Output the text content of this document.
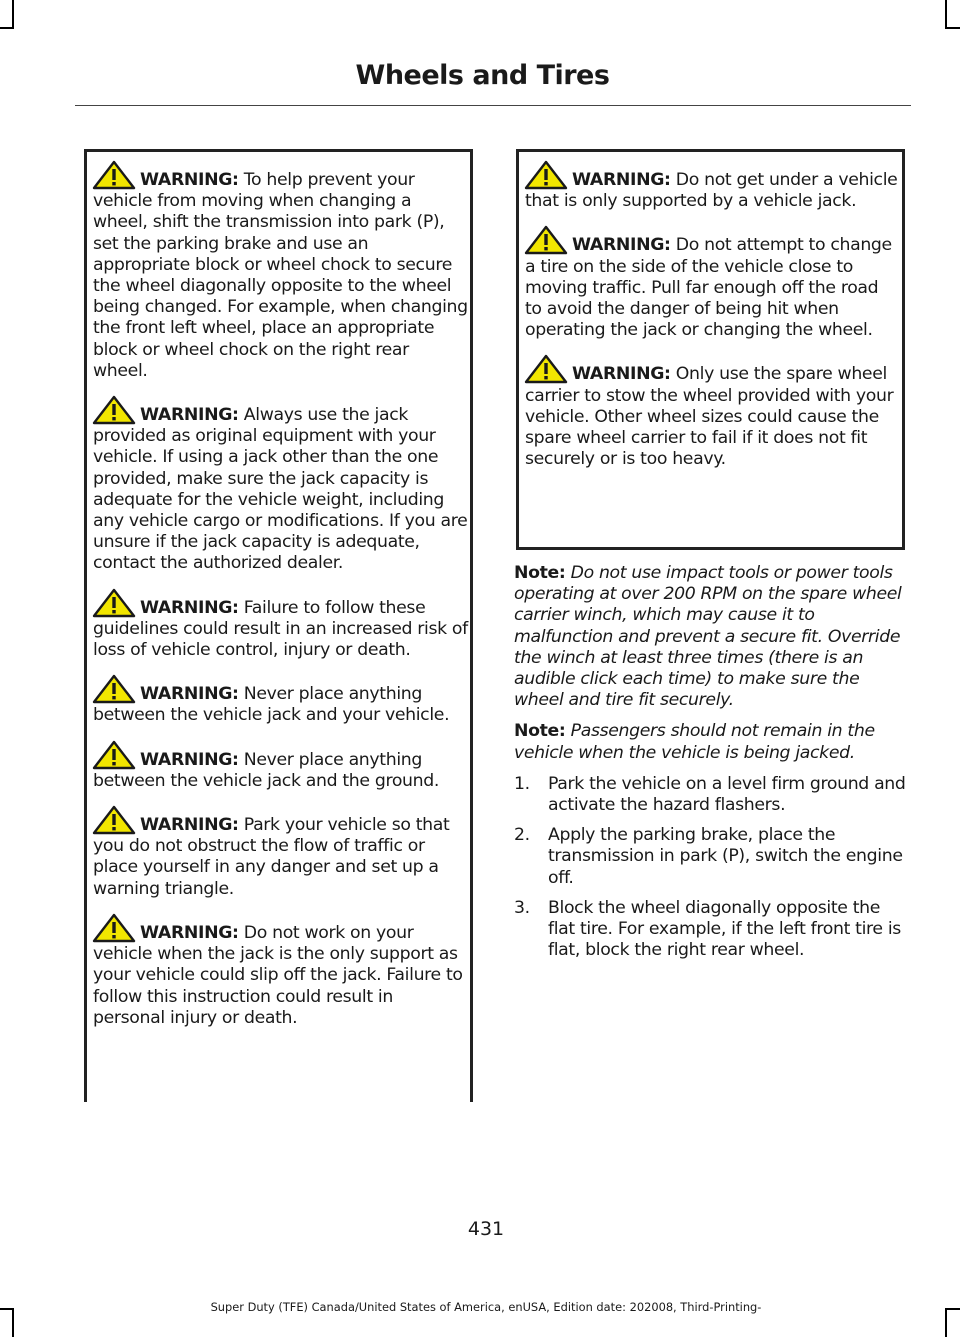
Wheels and Tires

WARNING: To help prevent your vehicle from moving when changing a wheel, shift the transmission into park (P), set the parking brake and use an appropriate block or wheel chock to secure the wheel diagonally opposite to the wheel being changed. For example, when changing the front left wheel, place an appropriate block or wheel chock on the right rear wheel.

WARNING: Always use the jack provided as original equipment with your vehicle. If using a jack other than the one provided, make sure the jack capacity is adequate for the vehicle weight, including any vehicle cargo or modifications. If you are unsure if the jack capacity is adequate, contact the authorized dealer.

WARNING: Failure to follow these guidelines could result in an increased risk of loss of vehicle control, injury or death.

WARNING: Never place anything between the vehicle jack and your vehicle.

WARNING: Never place anything between the vehicle jack and the ground.

WARNING: Park your vehicle so that you do not obstruct the flow of traffic or place yourself in any danger and set up a warning triangle.

WARNING: Do not work on your vehicle when the jack is the only support as your vehicle could slip off the jack. Failure to follow this instruction could result in personal injury or death.

WARNING: Do not get under a vehicle that is only supported by a vehicle jack.

WARNING: Do not attempt to change a tire on the side of the vehicle close to moving traffic. Pull far enough off the road to avoid the danger of being hit when operating the jack or changing the wheel.

WARNING: Only use the spare wheel carrier to stow the wheel provided with your vehicle. Other wheel sizes could cause the spare wheel carrier to fail if it does not fit securely or is too heavy.

Note: Do not use impact tools or power tools operating at over 200 RPM on the spare wheel carrier winch, which may cause it to malfunction and prevent a secure fit. Override the winch at least three times (there is an audible click each time) to make sure the wheel and tire fit securely.

Note: Passengers should not remain in the vehicle when the vehicle is being jacked.

1. Park the vehicle on a level firm ground and activate the hazard flashers.
2. Apply the parking brake, place the transmission in park (P), switch the engine off.
3. Block the wheel diagonally opposite the flat tire. For example, if the left front tire is flat, block the right rear wheel.
431
Super Duty (TFE) Canada/United States of America, enUSA, Edition date: 202008, Third-Printing-
